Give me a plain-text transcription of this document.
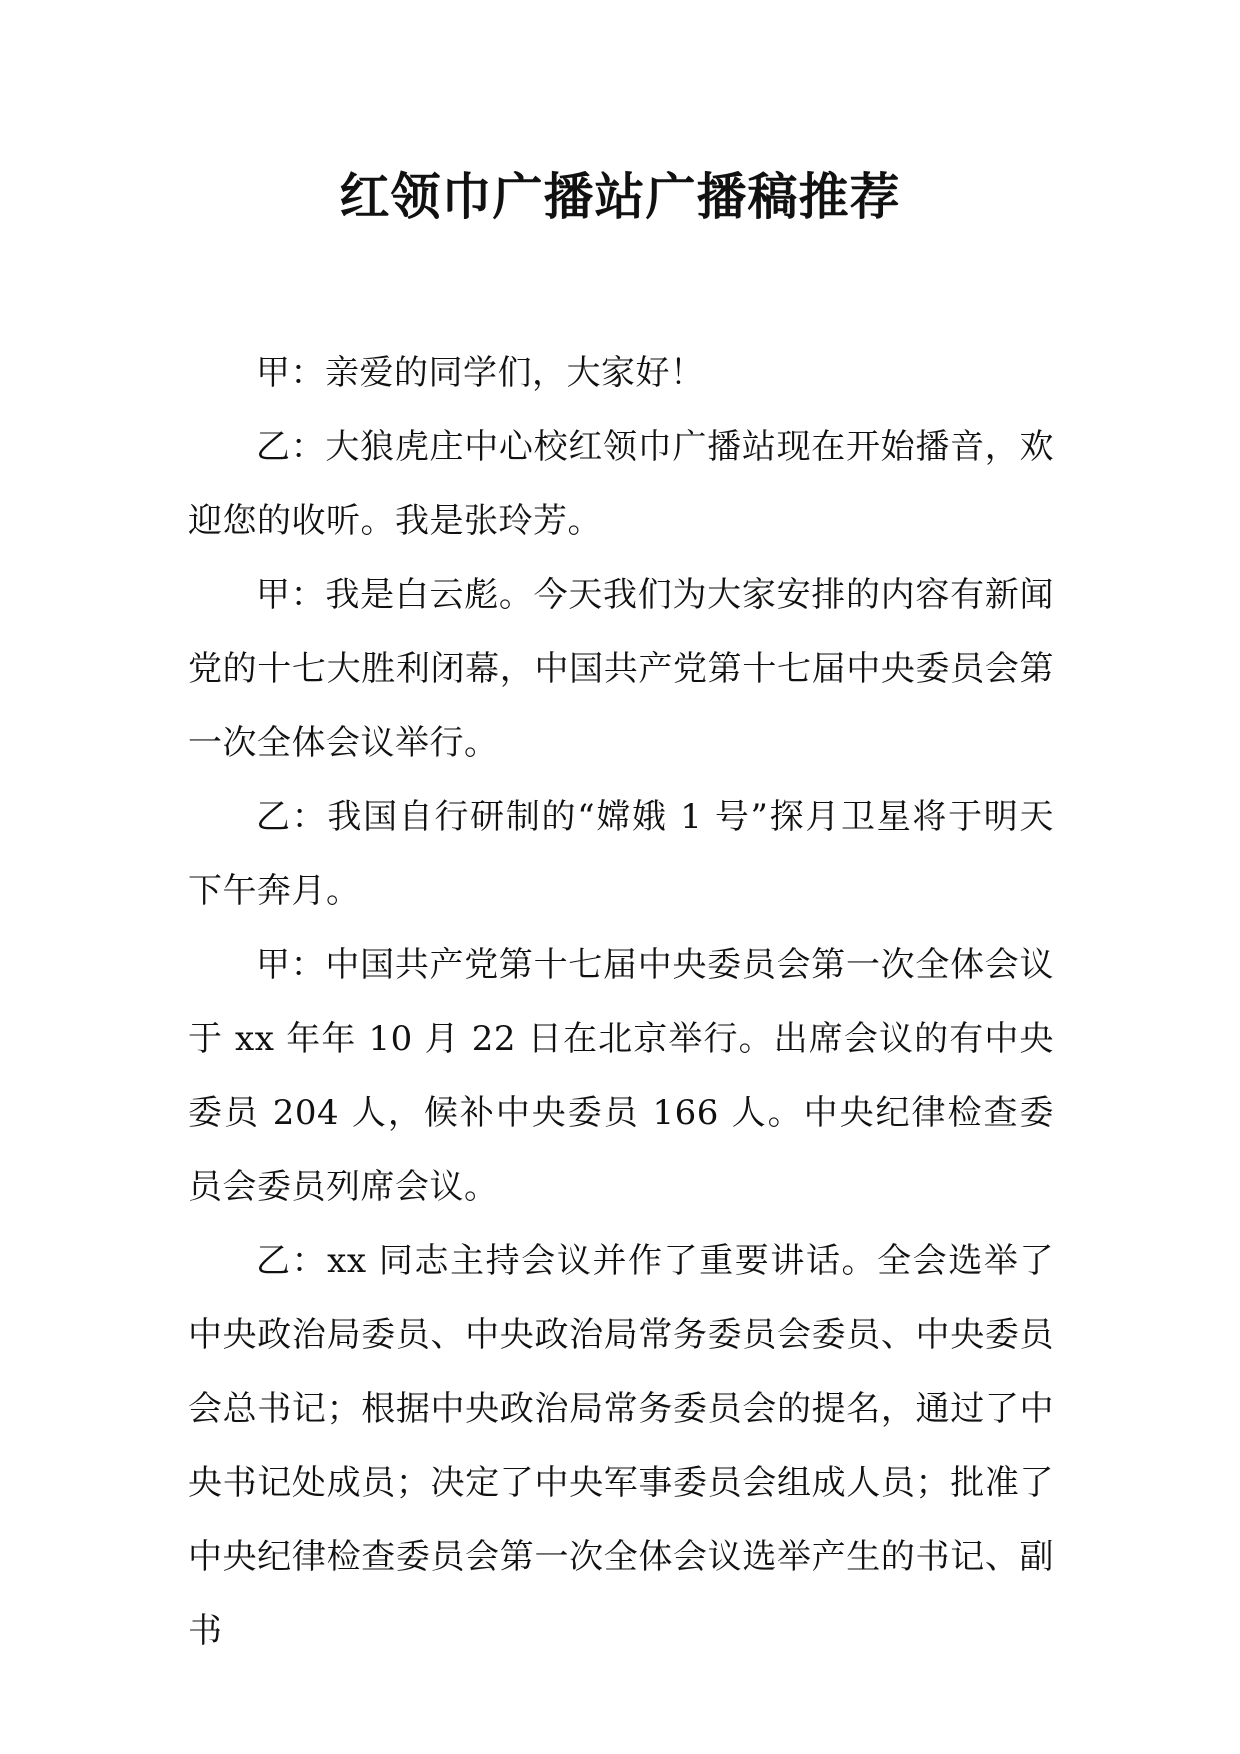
红领巾广播站广播稿推荐

甲：亲爱的同学们，大家好！

乙：大狼虎庄中心校红领巾广播站现在开始播音，欢迎您的收听。我是张玲芳。

甲：我是白云彪。今天我们为大家安排的内容有新闻党的十七大胜利闭幕，中国共产党第十七届中央委员会第一次全体会议举行。

乙：我国自行研制的“嫦娥 1 号”探月卫星将于明天下午奔月。

甲：中国共产党第十七届中央委员会第一次全体会议于 xx 年年 10 月 22 日在北京举行。出席会议的有中央委员 204 人，候补中央委员 166 人。中央纪律检查委员会委员列席会议。

乙：xx 同志主持会议并作了重要讲话。全会选举了中央政治局委员、中央政治局常务委员会委员、中央委员会总书记；根据中央政治局常务委员会的提名，通过了中央书记处成员；决定了中央军事委员会组成人员；批准了中央纪律检查委员会第一次全体会议选举产生的书记、副书
